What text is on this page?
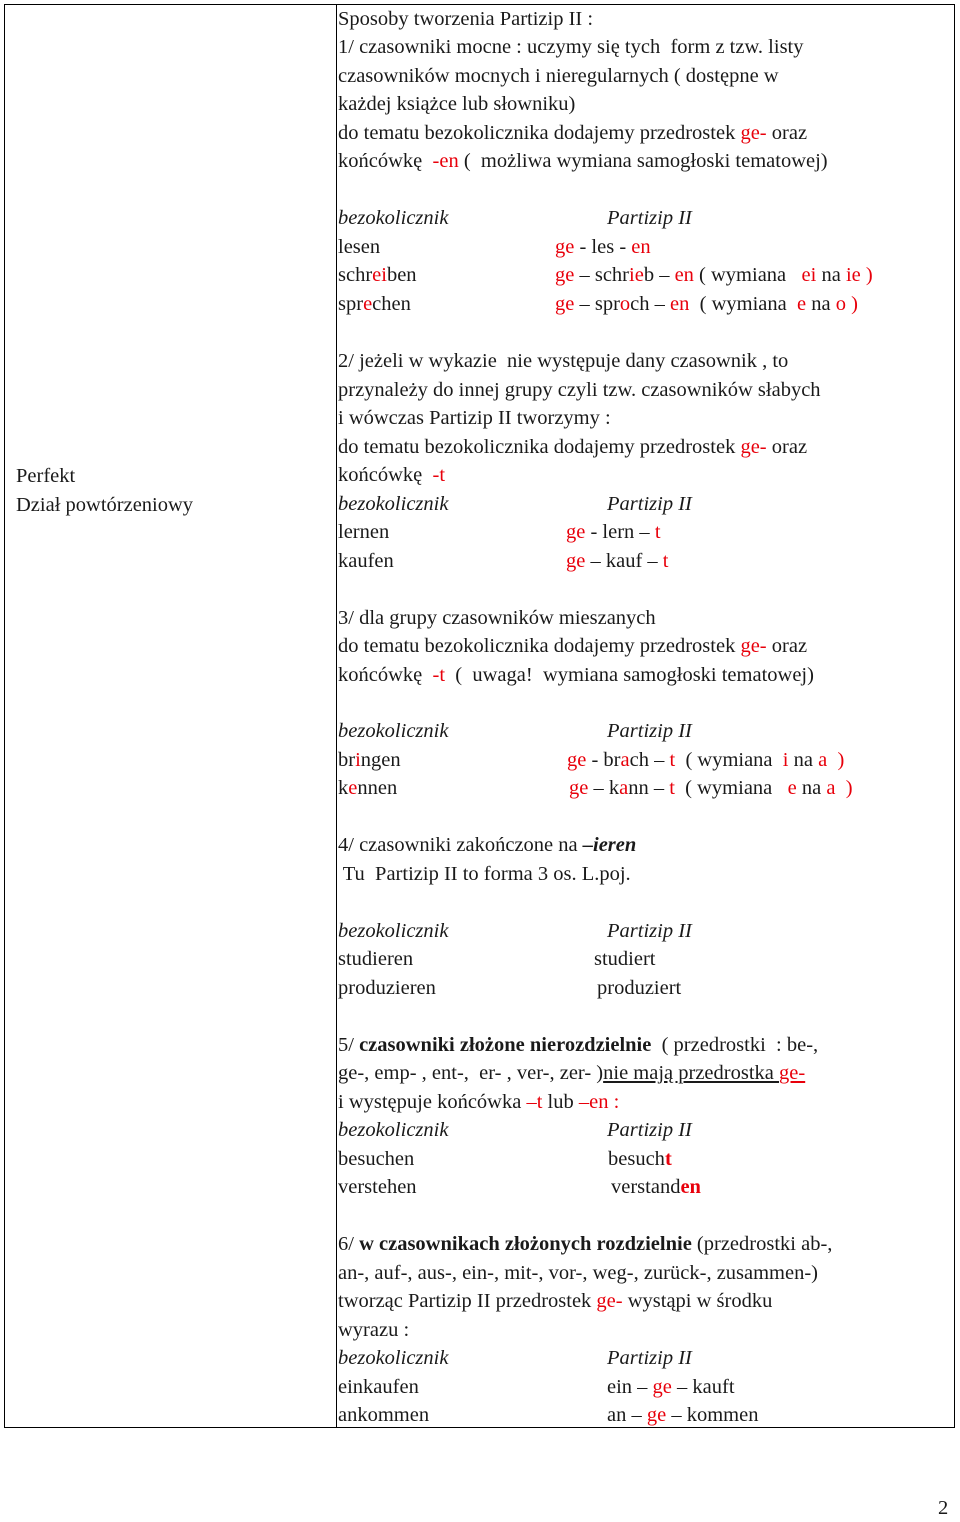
Perfekt
Dział powtórzeniowy
Sposoby tworzenia Partizip II :
1/ czasowniki mocne : uczymy się tych  form z tzw. listy
czasowników mocnych i nieregularnych ( dostępne w
każdej książce lub słowniku)
do tematu bezokolicznika dodajemy przedrostek ge- oraz
końcówkę  -en (  możliwa wymiana samogłoski tematowej)
bezokolicznik	Partizip II
lesen	ge - les - en
schreiben	ge – schrieb – en ( wymiana   ei na ie )
sprechen	ge – sproch – en  ( wymiana  e na o )
2/ jeżeli w wykazie  nie występuje dany czasownik , to
przynależy do innej grupy czyli tzw. czasowników słabych
i wówczas Partizip II tworzymy :
do tematu bezokolicznika dodajemy przedrostek ge- oraz
końcówkę  -t
bezokolicznik	Partizip II
lernen	ge - lern – t
kaufen	ge – kauf – t
3/ dla grupy czasowników mieszanych
do tematu bezokolicznika dodajemy przedrostek ge- oraz
końcówkę  -t  (  uwaga!  wymiana samogłoski tematowej)
bezokolicznik	Partizip II
bringen	ge - brach – t  ( wymiana  i na a  )
kennen	ge – kann – t  ( wymiana   e na a  )
4/ czasowniki zakończone na –ieren
Tu  Partizip II to forma 3 os. L.poj.
bezokolicznik	Partizip II
studieren	studiert
produzieren	produziert
5/ czasowniki złożone nierozdzielnie  ( przedrostki  : be-,
ge-, emp- , ent-,  er- , ver-, zer- )nie mają przedrostka ge-
i występuje końcówka –t lub –en :
bezokolicznik	Partizip II
besuchen	besucht
verstehen	verstanden
6/ w czasownikach złożonych rozdzielnie (przedrostki ab-,
an-, auf-, aus-, ein-, mit-, vor-, weg-, zurück-, zusammen-)
tworząc Partizip II przedrostek ge- wystąpi w środku
wyrazu :
bezokolicznik	Partizip II
einkaufen	ein – ge – kauft
ankommen	an – ge – kommen
2
